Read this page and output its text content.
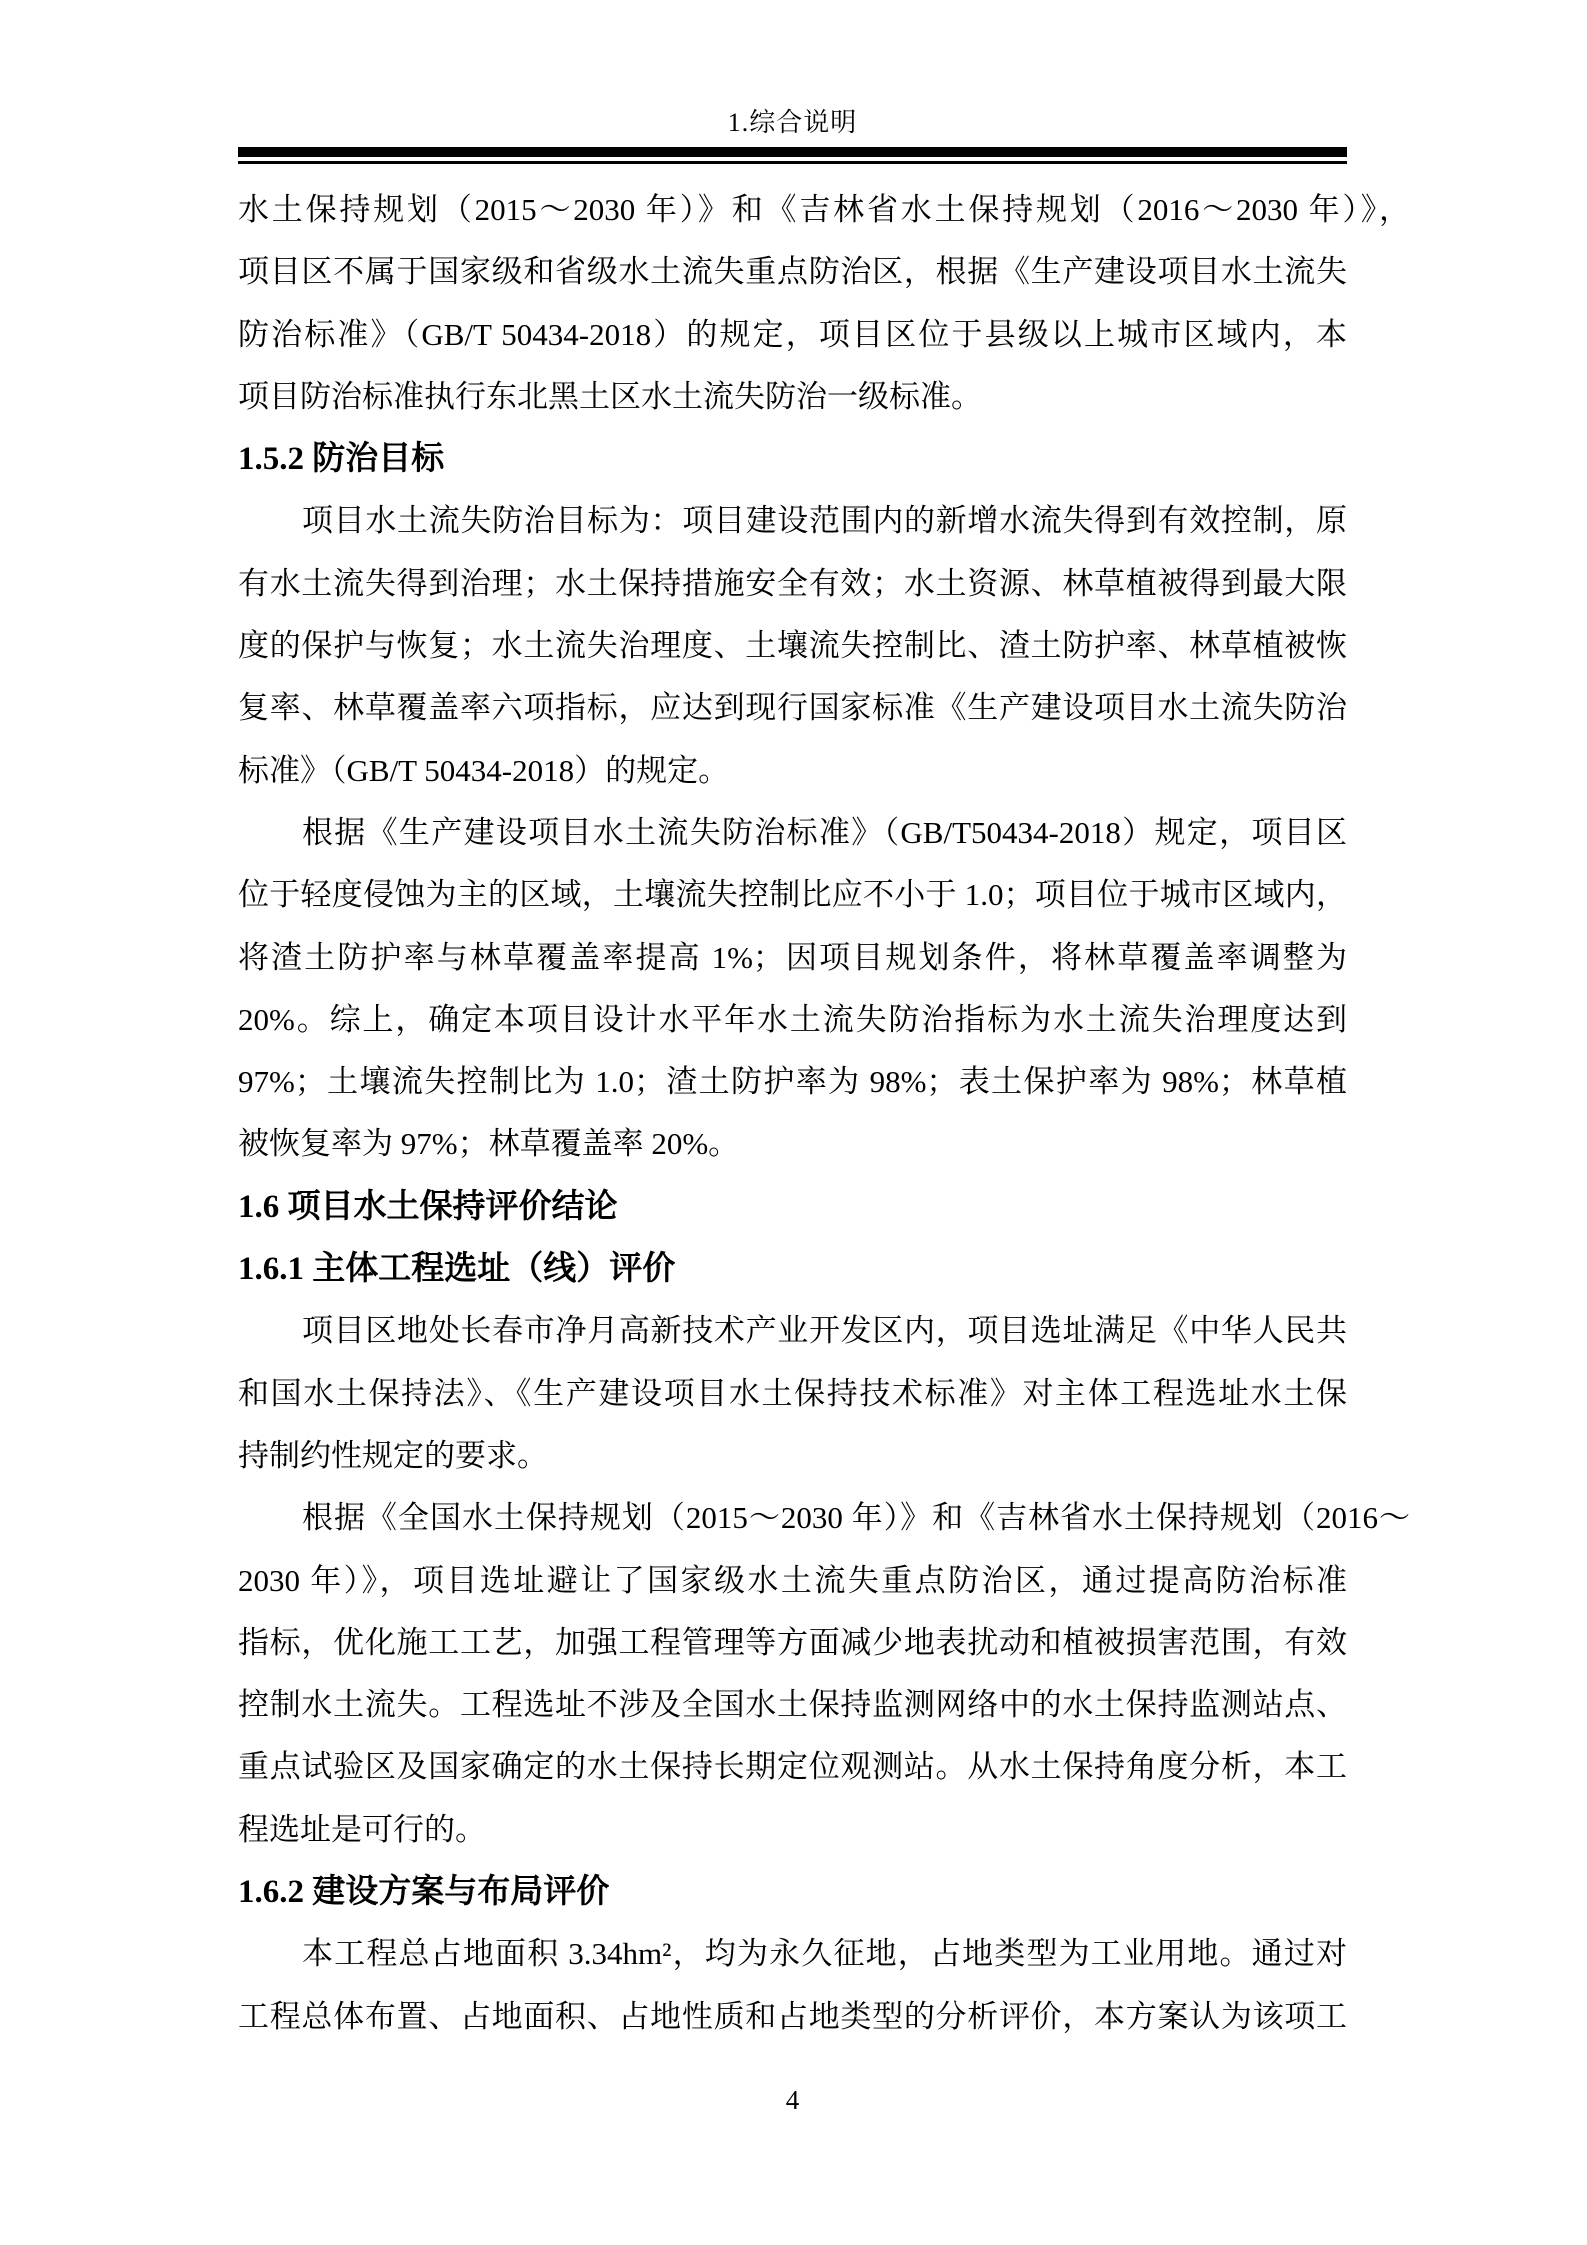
1.综合说明
水土保持规划（2015～2030 年）》和《吉林省水土保持规划（2016～2030 年）》，
项目区不属于国家级和省级水土流失重点防治区，根据《生产建设项目水土流失
防治标准》（GB/T 50434-2018）的规定，项目区位于县级以上城市区域内，本
项目防治标准执行东北黑土区水土流失防治一级标准。
1.5.2 防治目标
项目水土流失防治目标为：项目建设范围内的新增水流失得到有效控制，原
有水土流失得到治理；水土保持措施安全有效；水土资源、林草植被得到最大限
度的保护与恢复；水土流失治理度、土壤流失控制比、渣土防护率、林草植被恢
复率、林草覆盖率六项指标，应达到现行国家标准《生产建设项目水土流失防治
标准》（GB/T 50434-2018）的规定。
根据《生产建设项目水土流失防治标准》（GB/T50434-2018）规定，项目区
位于轻度侵蚀为主的区域，土壤流失控制比应不小于 1.0；项目位于城市区域内，
将渣土防护率与林草覆盖率提高 1%；因项目规划条件，将林草覆盖率调整为
20%。综上，确定本项目设计水平年水土流失防治指标为水土流失治理度达到
97%；土壤流失控制比为 1.0；渣土防护率为 98%；表土保护率为 98%；林草植
被恢复率为 97%；林草覆盖率 20%。
1.6 项目水土保持评价结论
1.6.1 主体工程选址（线）评价
项目区地处长春市净月高新技术产业开发区内，项目选址满足《中华人民共
和国水土保持法》、《生产建设项目水土保持技术标准》对主体工程选址水土保
持制约性规定的要求。
根据《全国水土保持规划（2015～2030 年）》和《吉林省水土保持规划（2016～
2030 年）》，项目选址避让了国家级水土流失重点防治区，通过提高防治标准
指标，优化施工工艺，加强工程管理等方面减少地表扰动和植被损害范围，有效
控制水土流失。工程选址不涉及全国水土保持监测网络中的水土保持监测站点、
重点试验区及国家确定的水土保持长期定位观测站。从水土保持角度分析，本工
程选址是可行的。
1.6.2 建设方案与布局评价
本工程总占地面积 3.34hm²，均为永久征地，占地类型为工业用地。通过对
工程总体布置、占地面积、占地性质和占地类型的分析评价，本方案认为该项工
4
